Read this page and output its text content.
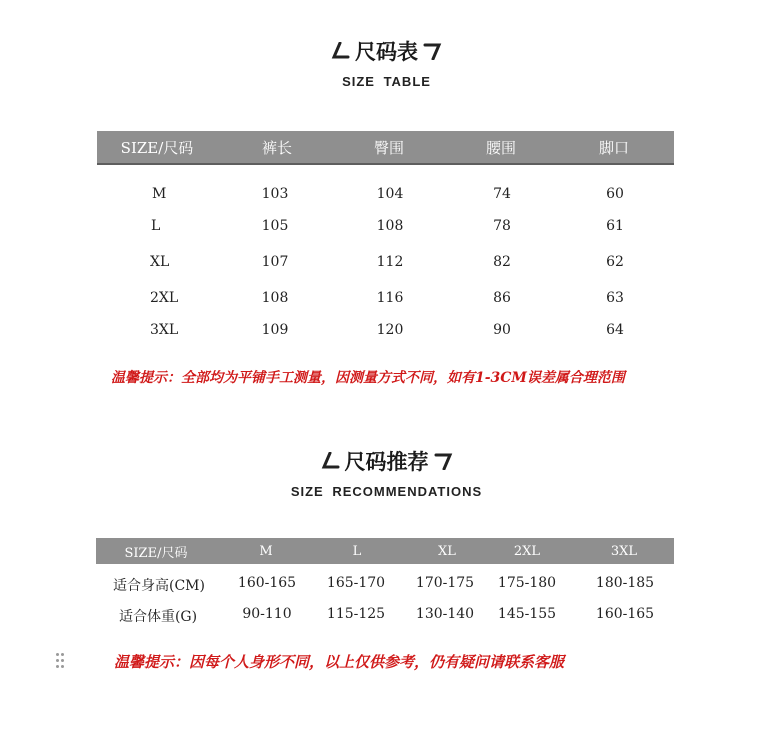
尺码表
SIZE TABLE
SIZE/尺码	裤长	臀围	腰围	脚口
M	103	104	74	60
L	105	108	78	61
XL	107	112	82	62
2XL	108	116	86	63
3XL	109	120	90	64
温馨提示：全部均为平铺手工测量，因测量方式不同，如有1-3CM误差属合理范围
尺码推荐
SIZE RECOMMENDATIONS
SIZE/尺码	M	L	XL	2XL	3XL
适合身高(CM) 160-165 165-170 170-175 175-180	180-185
适合体重(G)	90-110	115-125 130-140 145-155	160-165
温馨提示：因每个人身形不同，以上仅供参考，仍有疑问请联系客服
